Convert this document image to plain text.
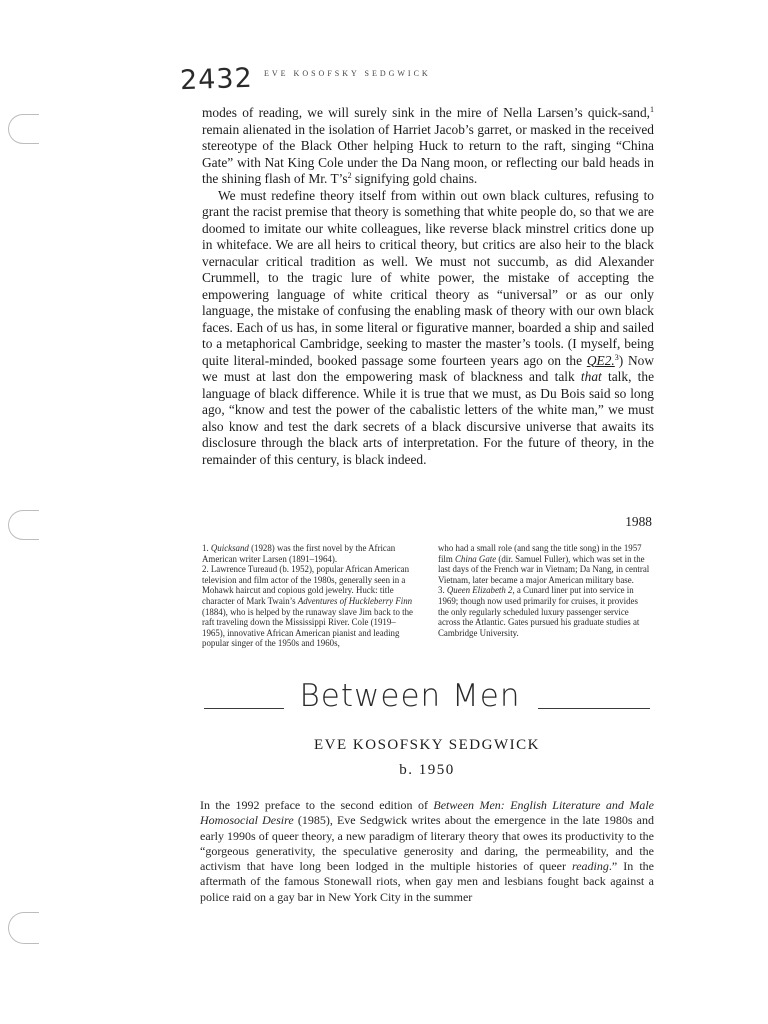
2432 EVE KOSOFSKY SEDGWICK

modes of reading, we will surely sink in the mire of Nella Larsen’s quick-sand,$^1$ remain alienated in the isolation of Harriet Jacob’s garret, or masked in the received stereotype of the Black Other helping Huck to return to the raft, singing “China Gate” with Nat King Cole under the Da Nang moon, or reflecting our bald heads in the shining flash of Mr. $T’s^2$ signifying gold chains.

We must redefine theory itself from within out own black cultures, refusing to grant the racist premise that theory is something that white people do, so that we are doomed to imitate our white colleagues, like reverse black minstrel critics done up in whiteface. We are all heirs to critical theory, but critics are also heir to the black vernacular critical tradition as well. We must not succumb, as did Alexander Crummell, to the tragic lure of white power, the mistake of accepting the empowering language of white critical theory as “universal” or as our only language, the mistake of confusing the enabling mask of theory with our own black faces. Each of us has, in some literal or figurative manner, boarded a ship and sailed to a metaphorical Cambridge, seeking to master the master’s tools. (I myself, being quite literal-minded, booked passage some fourteen years ago on the QE2.$^3$) Now we must at last don the empowering mask of blackness and talk that talk, the language of black difference. While it is true that we must, as Du Bois said so long ago, “know and test the power of the cabalistic letters of the white man,” we must also know and test the dark secrets of a black discursive universe that awaits its disclosure through the black arts of interpretation. For the future of theory, in the remainder of this century, is black indeed.

1988

1. Quicksand (1928) was the first novel by the African American writer Larsen (1891–1964).
2. Lawrence Tureaud (b. 1952), popular African American television and film actor of the 1980s, generally seen in a Mohawk haircut and copious gold jewelry. Huck: title character of Mark Twain’s Adventures of Huckleberry Finn (1884), who is helped by the runaway slave Jim back to the raft traveling down the Mississippi River. Cole (1919–1965), innovative African American pianist and leading popular singer of the 1950s and 1960s,

who had a small role (and sang the title song) in the 1957 film China Gate (dir. Samuel Fuller), which was set in the last days of the French war in Vietnam; Da Nang, in central Vietnam, later became a major American military base.
3. Queen Elizabeth 2, a Cunard liner put into service in 1969; though now used primarily for cruises, it provides the only regularly scheduled luxury passenger service across the Atlantic. Gates pursued his graduate studies at Cambridge University.

Between Men
EVE KOSOFSKY SEDGWICK
b. 1950

In the 1992 preface to the second edition of Between Men: English Literature and Male Homosocial Desire (1985), Eve Sedgwick writes about the emergence in the late 1980s and early 1990s of queer theory, a new paradigm of literary theory that owes its productivity to the “gorgeous generativity, the speculative generosity and daring, the permeability, and the activism that have long been lodged in the multiple histories of queer reading.” In the aftermath of the famous Stonewall riots, when gay men and lesbians fought back against a police raid on a gay bar in New York City in the summer
